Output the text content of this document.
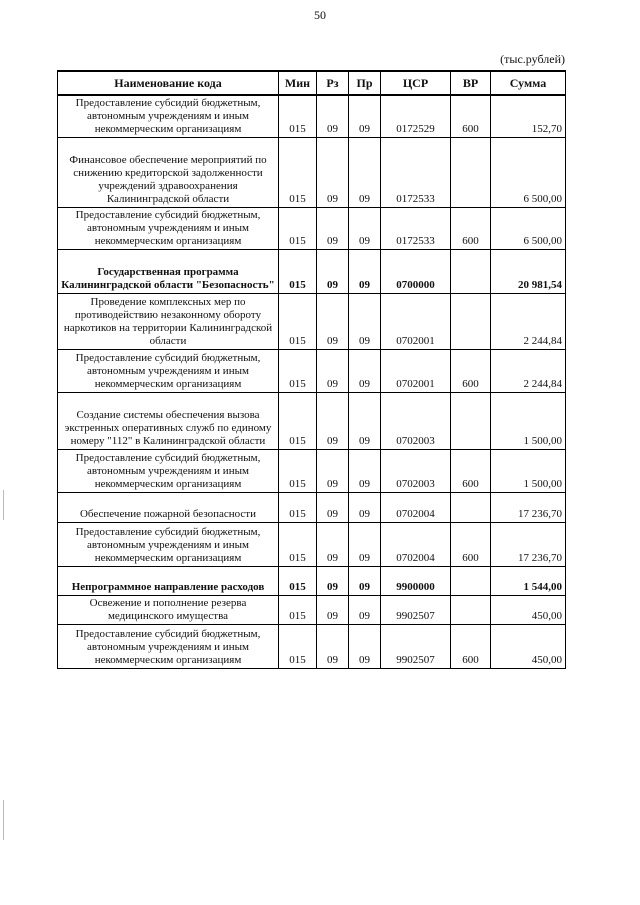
50
(тыс.рублей)
Наименование кода	Мин	Рз	Пр	ЦСР	ВР	Сумма
Предоставление субсидий бюджетным, автономным учреждениям и иным некоммерческим организациям	015	09	09	0172529	600	152,70
Финансовое обеспечение мероприятий по снижению кредиторской задолженности учреждений здравоохранения Калининградской области	015	09	09	0172533		6 500,00
Предоставление субсидий бюджетным, автономным учреждениям и иным некоммерческим организациям	015	09	09	0172533	600	6 500,00
Государственная программа Калининградской области "Безопасность"	015	09	09	0700000		20 981,54
Проведение комплексных мер по противодействию незаконному обороту наркотиков на территории Калининградской области	015	09	09	0702001		2 244,84
Предоставление субсидий бюджетным, автономным учреждениям и иным некоммерческим организациям	015	09	09	0702001	600	2 244,84
Создание системы обеспечения вызова экстренных оперативных служб по единому номеру "112" в Калининградской области	015	09	09	0702003		1 500,00
Предоставление субсидий бюджетным, автономным учреждениям и иным некоммерческим организациям	015	09	09	0702003	600	1 500,00
Обеспечение пожарной безопасности	015	09	09	0702004		17 236,70
Предоставление субсидий бюджетным, автономным учреждениям и иным некоммерческим организациям	015	09	09	0702004	600	17 236,70
Непрограммное направление расходов	015	09	09	9900000		1 544,00
Освежение и пополнение резерва медицинского имущества	015	09	09	9902507		450,00
Предоставление субсидий бюджетным, автономным учреждениям и иным некоммерческим организациям	015	09	09	9902507	600	450,00
